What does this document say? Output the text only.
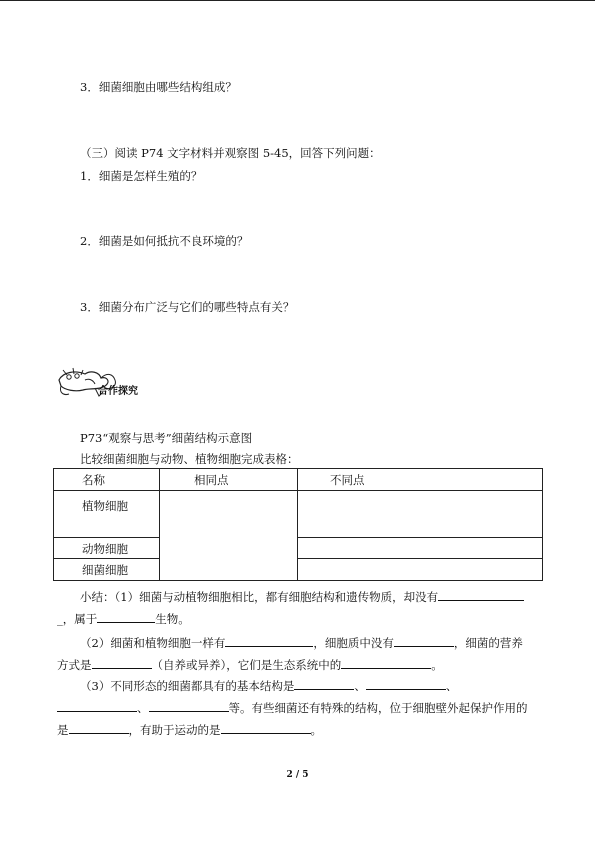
3．细菌细胞由哪些结构组成？
（三）阅读 P74 文字材料并观察图 5-45，回答下列问题：
1．细菌是怎样生殖的？
2．细菌是如何抵抗不良环境的？
3．细菌分布广泛与它们的哪些特点有关？
合作探究
P73“观察与思考”细菌结构示意图
比较细菌细胞与动物、植物细胞完成表格：
名称	相同点	不同点

植物细胞		

动物细胞		

细菌细胞		

小结：（1）细菌与动植物细胞相比，都有细胞结构和遗传物质，却没有
_，属于	生物。
（2）细菌和植物细胞一样有	，细胞质中没有	，细菌的营养
方式是	（自养或异养），它们是生态系统中的	。
（3）不同形态的细菌都具有的基本结构是	、	、
、	等。有些细菌还有特殊的结构，位于细胞壁外起保护作用的
是	，有助于运动的是	。
2 / 5
